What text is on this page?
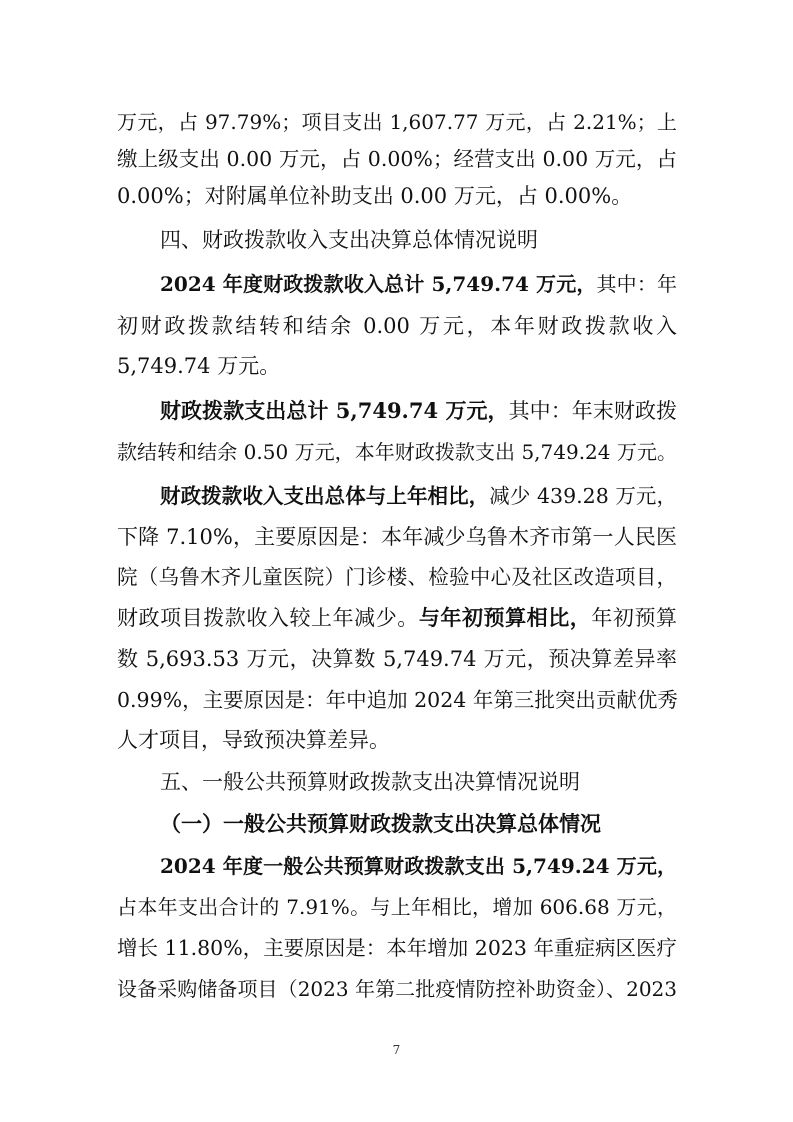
万元，占 97.79%；项目支出 1,607.77 万元，占 2.21%；上
缴上级支出 0.00 万元，占 0.00%；经营支出 0.00 万元，占
0.00%；对附属单位补助支出 0.00 万元，占 0.00%。
四、财政拨款收入支出决算总体情况说明
2024 年度财政拨款收入总计 5,749.74 万元，其中：年
初财政拨款结转和结余 0.00 万元，本年财政拨款收入
5,749.74 万元。
财政拨款支出总计 5,749.74 万元，其中：年末财政拨
款结转和结余 0.50 万元，本年财政拨款支出 5,749.24 万元。
财政拨款收入支出总体与上年相比，减少 439.28 万元，
下降 7.10%，主要原因是：本年减少乌鲁木齐市第一人民医
院（乌鲁木齐儿童医院）门诊楼、检验中心及社区改造项目，
财政项目拨款收入较上年减少。与年初预算相比，年初预算
数 5,693.53 万元，决算数 5,749.74 万元，预决算差异率
0.99%，主要原因是：年中追加 2024 年第三批突出贡献优秀
人才项目，导致预决算差异。
五、一般公共预算财政拨款支出决算情况说明
（一）一般公共预算财政拨款支出决算总体情况
2024 年度一般公共预算财政拨款支出 5,749.24 万元，
占本年支出合计的 7.91%。与上年相比，增加 606.68 万元，
增长 11.80%，主要原因是：本年增加 2023 年重症病区医疗
设备采购储备项目（2023 年第二批疫情防控补助资金）、2023
7
